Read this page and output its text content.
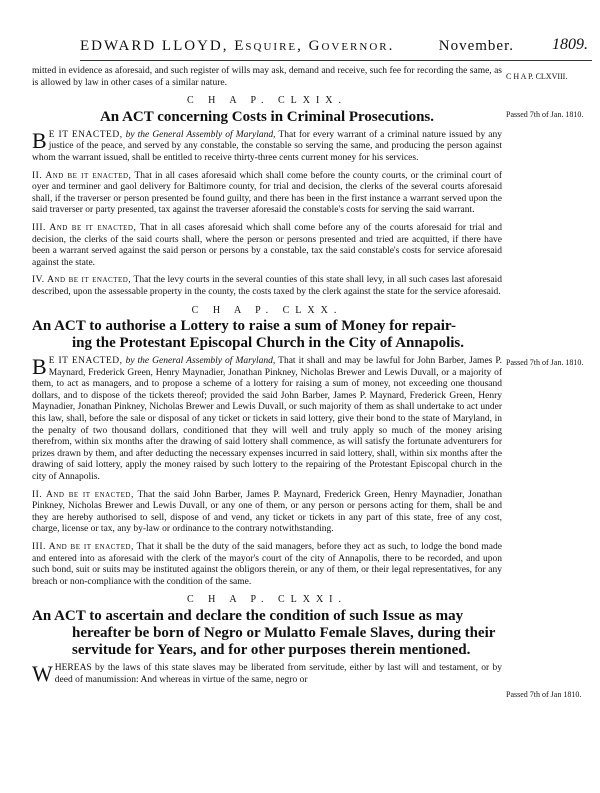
EDWARD LLOYD, Esquire, Governor.	November. 1809.
C H A P. CLXVIII.
Passed 7th of Jan. 1810.
Passed 7th of Jan. 1810.
Passed 7th of Jan 1810.

mitted in evidence as aforesaid, and such register of wills may ask, demand and receive, such fee for recording the same, as is allowed by law in other cases of a similar nature.

C H A P. CLXIX.
An ACT concerning Costs in Criminal Prosecutions.

B E IT ENACTED, by the General Assembly of Maryland, That for every warrant of a criminal nature issued by any justice of the peace, and served by any constable, the constable so serving the same, and producing the person against whom the warrant issued, shall be entitled to receive thirty-three cents current money for his services.

II. And be it enacted, That in all cases aforesaid which shall come before the county courts, or the criminal court of oyer and terminer and gaol delivery for Baltimore county, for trial and decision, the clerks of the several courts aforesaid shall, if the traverser or person presented be found guilty, and there has been in the first instance a warrant served upon the said traverser or party presented, tax against the traverser aforesaid the constable's costs for serving the said warrant.

III. And be it enacted, That in all cases aforesaid which shall come before any of the courts aforesaid for trial and decision, the clerks of the said courts shall, where the person or persons presented and tried are acquitted, if there have been a warrant served against the said person or persons by a constable, tax the said constable's costs for service aforesaid against the state.

IV. And be it enacted, That the levy courts in the several counties of this state shall levy, in all such cases last aforesaid described, upon the assessable property in the county, the costs taxed by the clerk against the state for the service aforesaid.

C H A P. CLXX.
An ACT to authorise a Lottery to raise a sum of Money for repair-
ing the Protestant Episcopal Church in the City of Annapolis.

B E IT ENACTED, by the General Assembly of Maryland, That it shall and may be lawful for John Barber, James P. Maynard, Frederick Green, Henry Maynadier, Jonathan Pinkney, Nicholas Brewer and Lewis Duvall, or a majority of them, to act as managers, and to propose a scheme of a lottery for raising a sum of money, not exceeding one thousand dollars, and to dispose of the tickets thereof; provided the said John Barber, James P. Maynard, Frederick Green, Henry Maynadier, Jonathan Pinkney, Nicholas Brewer and Lewis Duvall, or such majority of them as shall undertake to act under this law, shall, before the sale or disposal of any ticket or tickets in said lottery, give their bond to the state of Maryland, in the penalty of two thousand dollars, conditioned that they will well and truly apply so much of the money arising therefrom, within six months after the drawing of said lottery shall commence, as will satisfy the fortunate adventurers for prizes drawn by them, and after deducting the necessary expenses incurred in said lottery, shall, within six months after the drawing of said lottery, apply the money raised by such lottery to the repairing of the Protestant Episcopal church in the city of Annapolis.

II. And be it enacted, That the said John Barber, James P. Maynard, Frederick Green, Henry Maynadier, Jonathan Pinkney, Nicholas Brewer and Lewis Duvall, or any one of them, or any person or persons acting for them, shall be and they are hereby authorised to sell, dispose of and vend, any ticket or tickets in any part of this state, free of any cost, charge, license or tax, any by-law or ordinance to the contrary notwithstanding.

III. And be it enacted, That it shall be the duty of the said managers, before they act as such, to lodge the bond made and entered into as aforesaid with the clerk of the mayor's court of the city of Annapolis, there to be recorded, and upon such bond, suit or suits may be instituted against the obligors therein, or any of them, or their legal representatives, for any breach or non-compliance with the condition of the same.

C H A P. CLXXI.
An ACT to ascertain and declare the condition of such Issue as may
hereafter be born of Negro or Mulatto Female Slaves, during their
servitude for Years, and for other purposes therein mentioned.

W HEREAS by the laws of this state slaves may be liberated from servitude, either by last will and testament, or by deed of manumission: And whereas in virtue of the same, negro or
